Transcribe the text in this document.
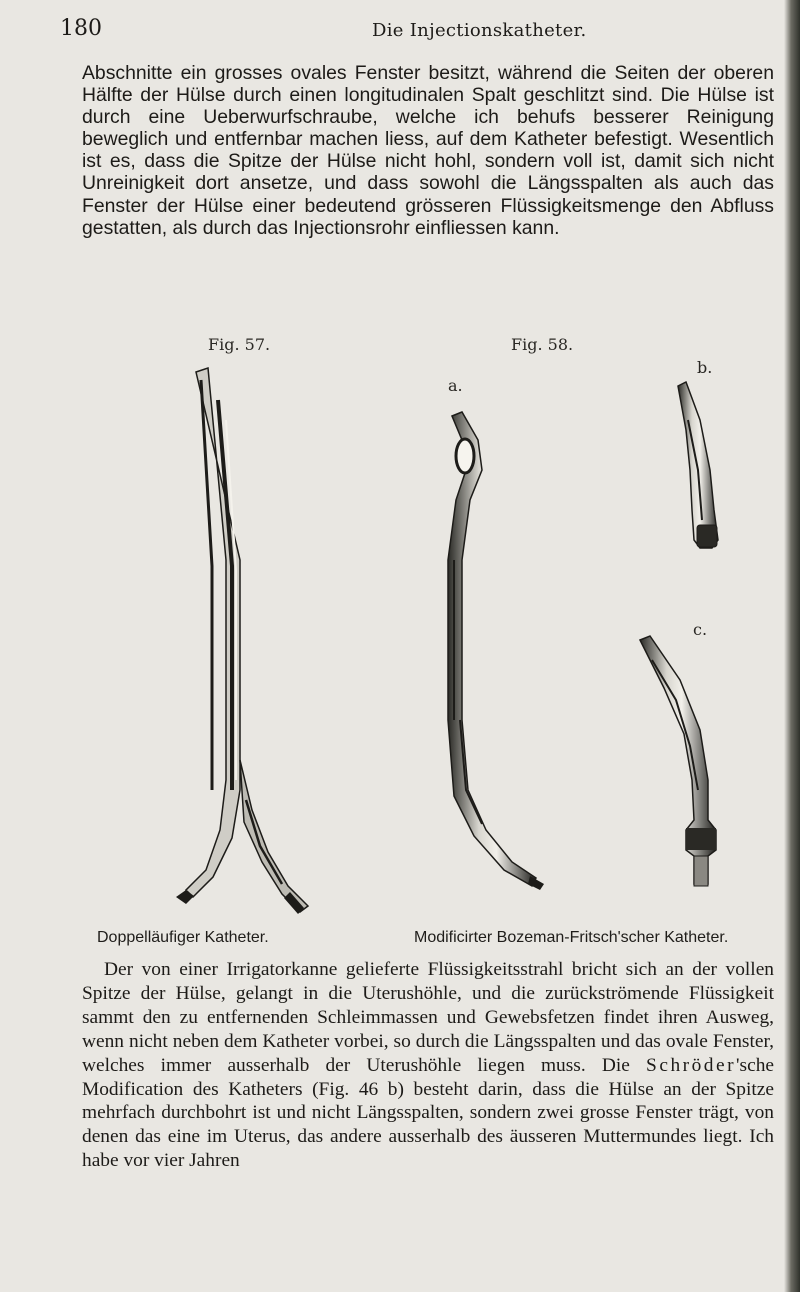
180	Die Injectionskatheter.

Abschnitte ein grosses ovales Fenster besitzt, während die Seiten der oberen Hälfte der Hülse durch einen longitudinalen Spalt geschlitzt sind. Die Hülse ist durch eine Ueberwurfschraube, welche ich behufs besserer Reinigung beweglich und entfernbar machen liess, auf dem Katheter befestigt. Wesentlich ist es, dass die Spitze der Hülse nicht hohl, sondern voll ist, damit sich nicht Unreinigkeit dort ansetze, und dass sowohl die Längsspalten als auch das Fenster der Hülse einer bedeutend grösseren Flüssigkeitsmenge den Abfluss gestatten, als durch das Injectionsrohr einfliessen kann.

Fig. 57.	Fig. 58.
a.
b.
c.
Doppelläufiger Katheter.	Modificirter Bozeman-Fritsch'scher Katheter.

Der von einer Irrigatorkanne gelieferte Flüssigkeitsstrahl bricht sich an der vollen Spitze der Hülse, gelangt in die Uterushöhle, und die zurückströmende Flüssigkeit sammt den zu entfernenden Schleimmassen und Gewebsfetzen findet ihren Ausweg, wenn nicht neben dem Katheter vorbei, so durch die Längsspalten und das ovale Fenster, welches immer ausserhalb der Uterushöhle liegen muss. Die Schröder'sche Modification des Katheters (Fig. 46 b) besteht darin, dass die Hülse an der Spitze mehrfach durchbohrt ist und nicht Längsspalten, sondern zwei grosse Fenster trägt, von denen das eine im Uterus, das andere ausserhalb des äusseren Muttermundes liegt. Ich habe vor vier Jahren
